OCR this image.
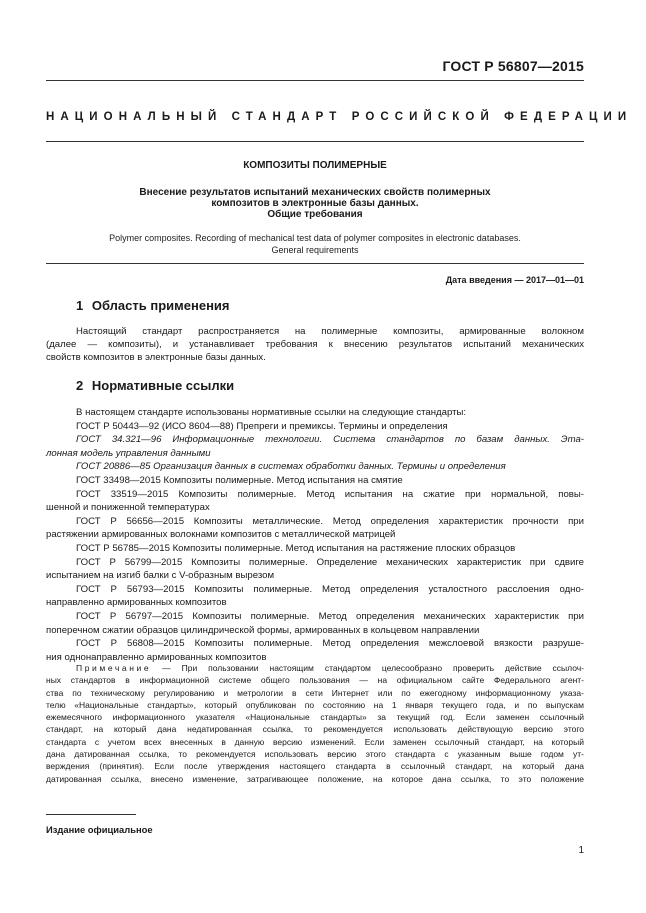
ГОСТ Р 56807—2015
НАЦИОНАЛЬНЫЙ СТАНДАРТ РОССИЙСКОЙ ФЕДЕРАЦИИ
КОМПОЗИТЫ ПОЛИМЕРНЫЕ
Внесение результатов испытаний механических свойств полимерных
композитов в электронные базы данных.
Общие требования
Polymer composites. Recording of mechanical test data of polymer composites in electronic databases.
General requirements
Дата введения — 2017—01—01
1 Область применения
Настоящий стандарт распространяется на полимерные композиты, армированные волокном
(далее — композиты), и устанавливает требования к внесению результатов испытаний механических
свойств композитов в электронные базы данных.
2 Нормативные ссылки
В настоящем стандарте использованы нормативные ссылки на следующие стандарты:
ГОСТ Р 50443—92 (ИСО 8604—88) Препреги и премиксы. Термины и определения
ГОСТ 34.321—96 Информационные технологии. Система стандартов по базам данных. Эта-
лонная модель управления данными
ГОСТ 20886—85 Организация данных в системах обработки данных. Термины и определения
ГОСТ 33498—2015 Композиты полимерные. Метод испытания на смятие
ГОСТ 33519—2015 Композиты полимерные. Метод испытания на сжатие при нормальной, повы-
шенной и пониженной температурах
ГОСТ Р 56656—2015 Композиты металлические. Метод определения характеристик прочности при
растяжении армированных волокнами композитов с металлической матрицей
ГОСТ Р 56785—2015 Композиты полимерные. Метод испытания на растяжение плоских образцов
ГОСТ Р 56799—2015 Композиты полимерные. Определение механических характеристик при сдвиге
испытанием на изгиб балки с V-образным вырезом
ГОСТ Р 56793—2015 Композиты полимерные. Метод определения усталостного расслоения одно-
направленно армированных композитов
ГОСТ Р 56797—2015 Композиты полимерные. Метод определения механических характеристик при
поперечном сжатии образцов цилиндрической формы, армированных в кольцевом направлении
ГОСТ Р 56808—2015 Композиты полимерные. Метод определения межслоевой вязкости разруше-
ния однонаправленно армированных композитов
Примечание — При пользовании настоящим стандартом целесообразно проверить действие ссылоч-
ных стандартов в информационной системе общего пользования — на официальном сайте Федерального агент-
ства по техническому регулированию и метрологии в сети Интернет или по ежегодному информационному указа-
телю «Национальные стандарты», который опубликован по состоянию на 1 января текущего года, и по выпускам
ежемесячного информационного указателя «Национальные стандарты» за текущий год. Если заменен ссылочный
стандарт, на который дана недатированная ссылка, то рекомендуется использовать действующую версию этого
стандарта с учетом всех внесенных в данную версию изменений. Если заменен ссылочный стандарт, на который
дана датированная ссылка, то рекомендуется использовать версию этого стандарта с указанным выше годом ут-
верждения (принятия). Если после утверждения настоящего стандарта в ссылочный стандарт, на который дана
датированная ссылка, внесено изменение, затрагивающее положение, на которое дана ссылка, то это положение
Издание официальное
1
